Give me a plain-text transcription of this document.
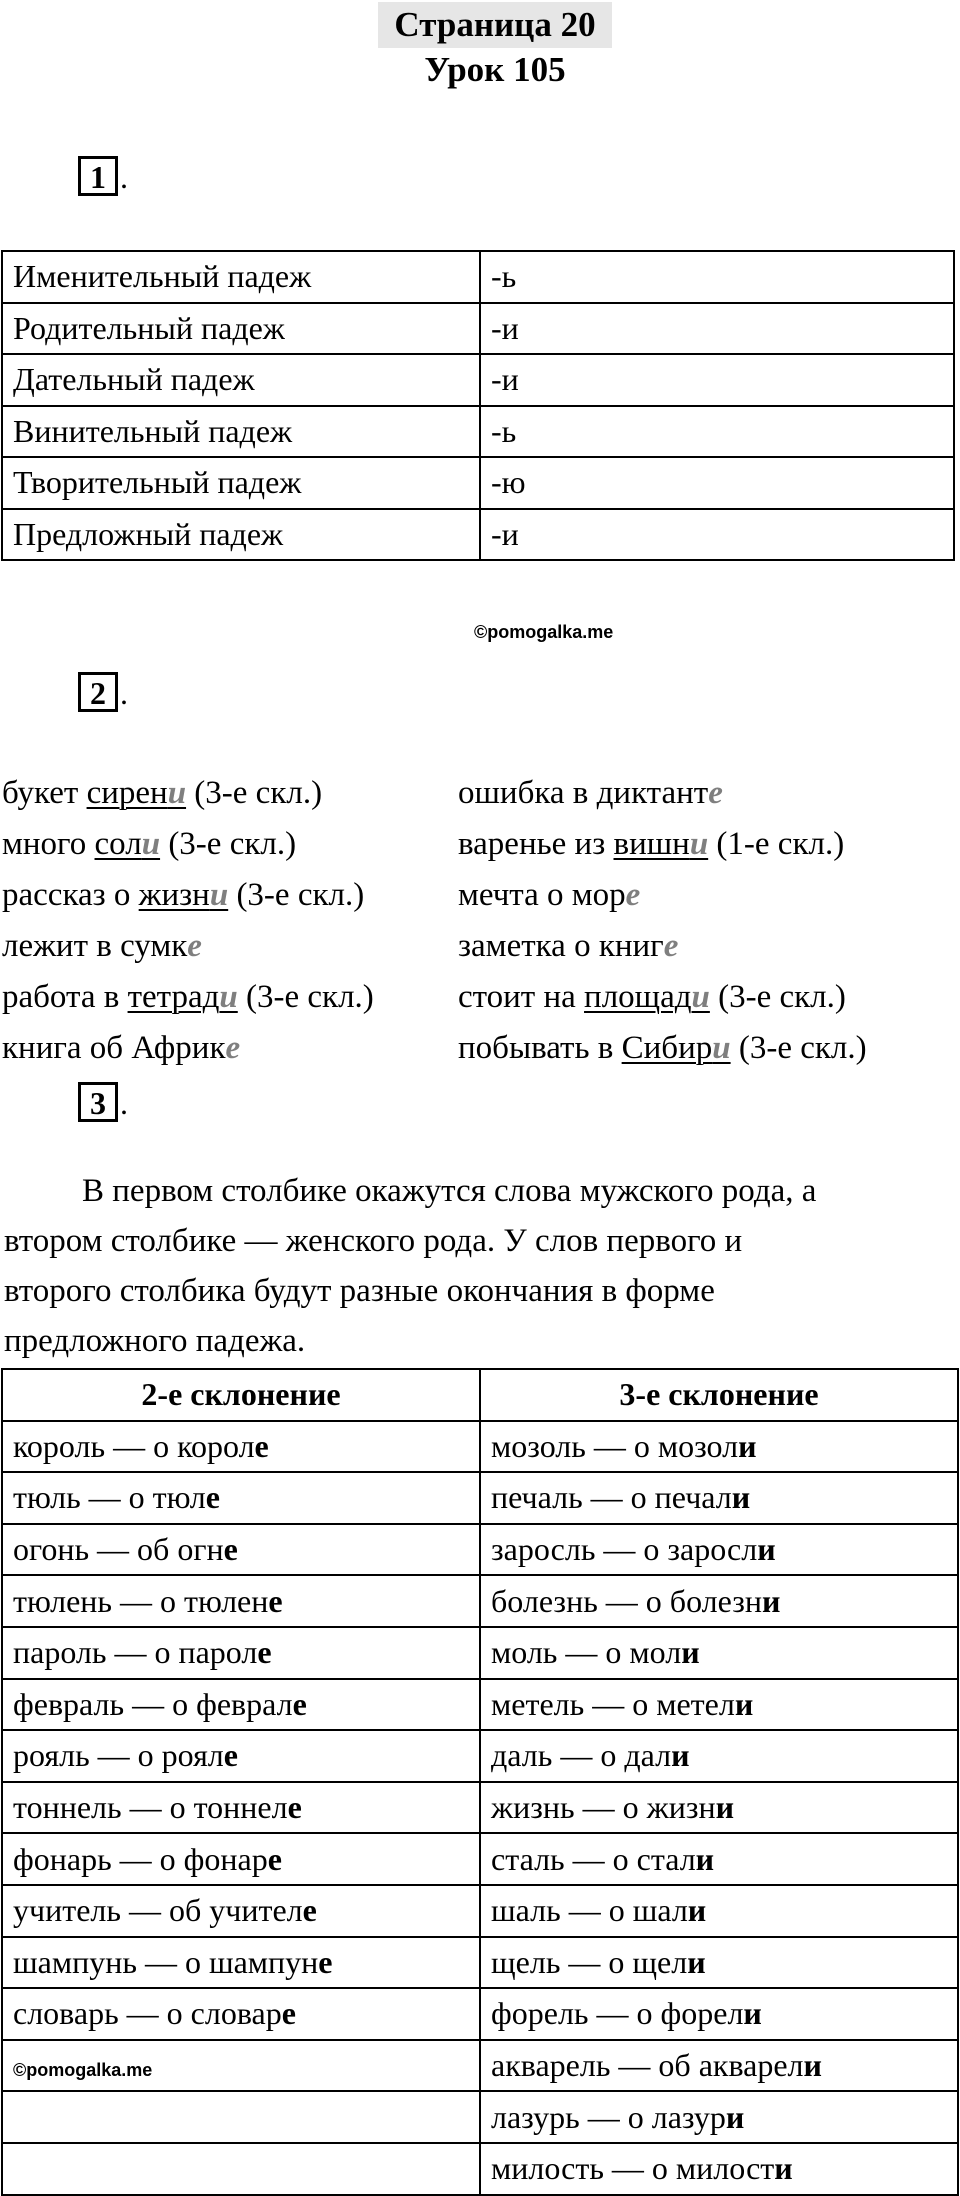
Страница 20
Урок 105
1 .
Именительный падеж	-ь
Родительный падеж	-и
Дательный падеж	-и
Винительный падеж	-ь
Творительный падеж	-ю
Предложный падеж	-и
©pomogalka.me
2 .
букет сирени (3-е скл.)
много соли (3-е скл.)
рассказ о жизни (3-е скл.)
лежит в сумке
работа в тетради (3-е скл.)
книга об Африке
ошибка в диктанте
варенье из вишни (1-е скл.)
мечта о море
заметка о книге
стоит на площади (3-е скл.)
побывать в Сибири (3-е скл.)
3 .
В первом столбике окажутся слова мужского рода, а
втором столбике — женского рода. У слов первого и
второго столбика будут разные окончания в форме
предложного падежа.
2-е склонение	3-е склонение
король — о короле	мозоль — о мозоли
тюль — о тюле	печаль — о печали
огонь — об огне	заросль — о заросли
тюлень — о тюлене	болезнь — о болезни
пароль — о пароле	моль — о моли
февраль — о феврале	метель — о метели
рояль — о рояле	даль — о дали
тоннель — о тоннеле	жизнь — о жизни
фонарь — о фонаре	сталь — о стали
учитель — об учителе	шаль — о шали
шампунь — о шампуне	щель — о щели
словарь — о словаре	форель — о форели
©pomogalka.me	акварель — об акварели
	лазурь — о лазури
	милость — о милости
